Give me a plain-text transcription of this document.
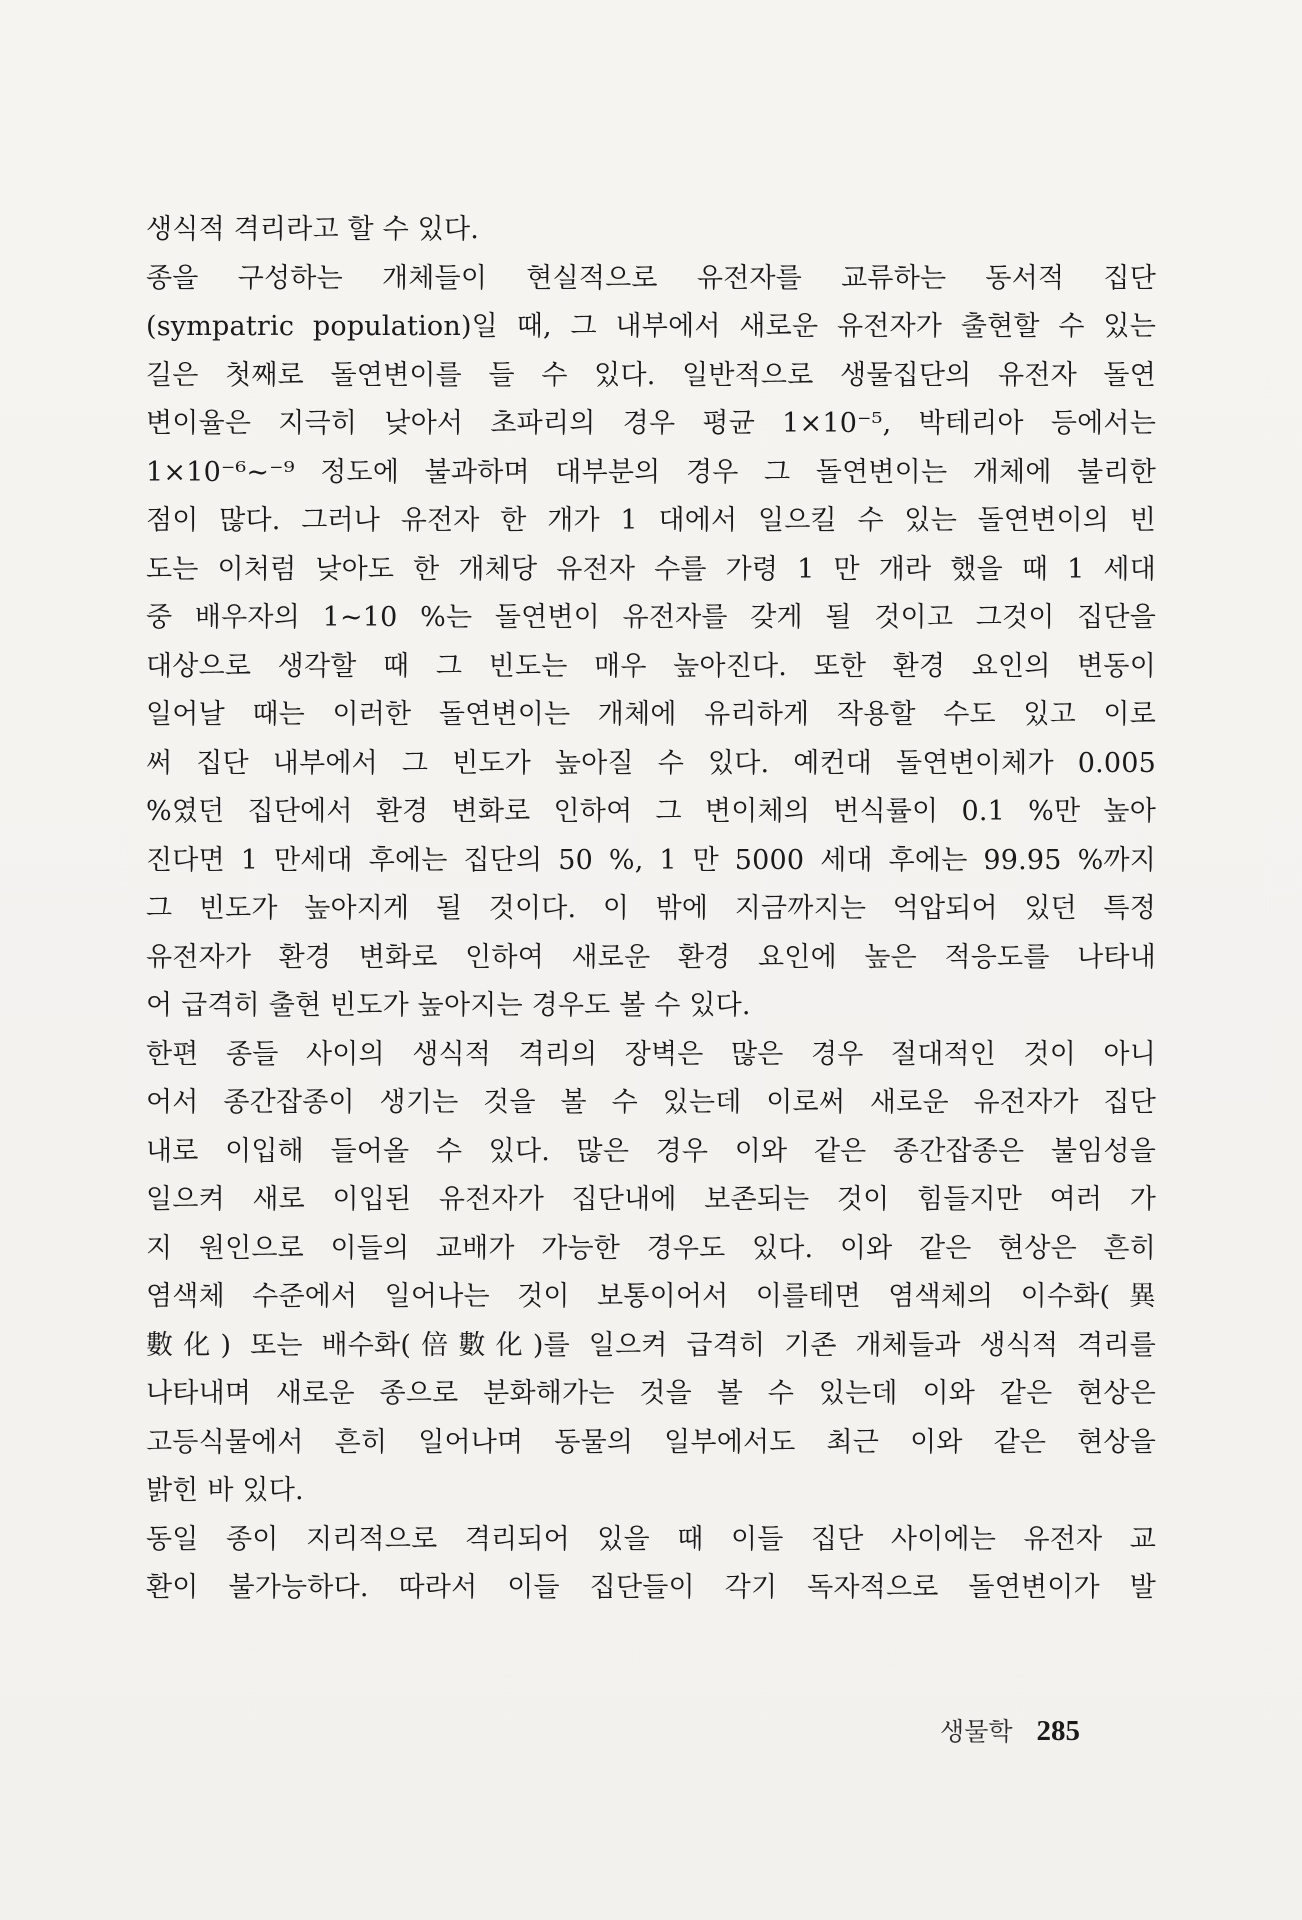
생식적 격리라고 할 수 있다.
종을 구성하는 개체들이 현실적으로 유전자를 교류하는 동서적 집단
(sympatric population)일 때, 그 내부에서 새로운 유전자가 출현할 수 있는
길은 첫째로 돌연변이를 들 수 있다. 일반적으로 생물집단의 유전자 돌연
변이율은 지극히 낮아서 초파리의 경우 평균 1×10⁻⁵, 박테리아 등에서는
1×10⁻⁶~⁻⁹ 정도에 불과하며 대부분의 경우 그 돌연변이는 개체에 불리한
점이 많다. 그러나 유전자 한 개가 1 대에서 일으킬 수 있는 돌연변이의 빈
도는 이처럼 낮아도 한 개체당 유전자 수를 가령 1 만 개라 했을 때 1 세대
중 배우자의 1~10 %는 돌연변이 유전자를 갖게 될 것이고 그것이 집단을
대상으로 생각할 때 그 빈도는 매우 높아진다. 또한 환경 요인의 변동이
일어날 때는 이러한 돌연변이는 개체에 유리하게 작용할 수도 있고 이로
써 집단 내부에서 그 빈도가 높아질 수 있다. 예컨대 돌연변이체가 0.005
%였던 집단에서 환경 변화로 인하여 그 변이체의 번식률이 0.1 %만 높아
진다면 1 만세대 후에는 집단의 50 %, 1 만 5000 세대 후에는 99.95 %까지
그 빈도가 높아지게 될 것이다. 이 밖에 지금까지는 억압되어 있던 특정
유전자가 환경 변화로 인하여 새로운 환경 요인에 높은 적응도를 나타내
어 급격히 출현 빈도가 높아지는 경우도 볼 수 있다.
한편 종들 사이의 생식적 격리의 장벽은 많은 경우 절대적인 것이 아니
어서 종간잡종이 생기는 것을 볼 수 있는데 이로써 새로운 유전자가 집단
내로 이입해 들어올 수 있다. 많은 경우 이와 같은 종간잡종은 불임성을
일으켜 새로 이입된 유전자가 집단내에 보존되는 것이 힘들지만 여러 가
지 원인으로 이들의 교배가 가능한 경우도 있다. 이와 같은 현상은 흔히
염색체 수준에서 일어나는 것이 보통이어서 이를테면 염색체의 이수화(異
數化) 또는 배수화(倍數化)를 일으켜 급격히 기존 개체들과 생식적 격리를
나타내며 새로운 종으로 분화해가는 것을 볼 수 있는데 이와 같은 현상은
고등식물에서 흔히 일어나며 동물의 일부에서도 최근 이와 같은 현상을
밝힌 바 있다.
동일 종이 지리적으로 격리되어 있을 때 이들 집단 사이에는 유전자 교
환이 불가능하다. 따라서 이들 집단들이 각기 독자적으로 돌연변이가 발
생물학 285
